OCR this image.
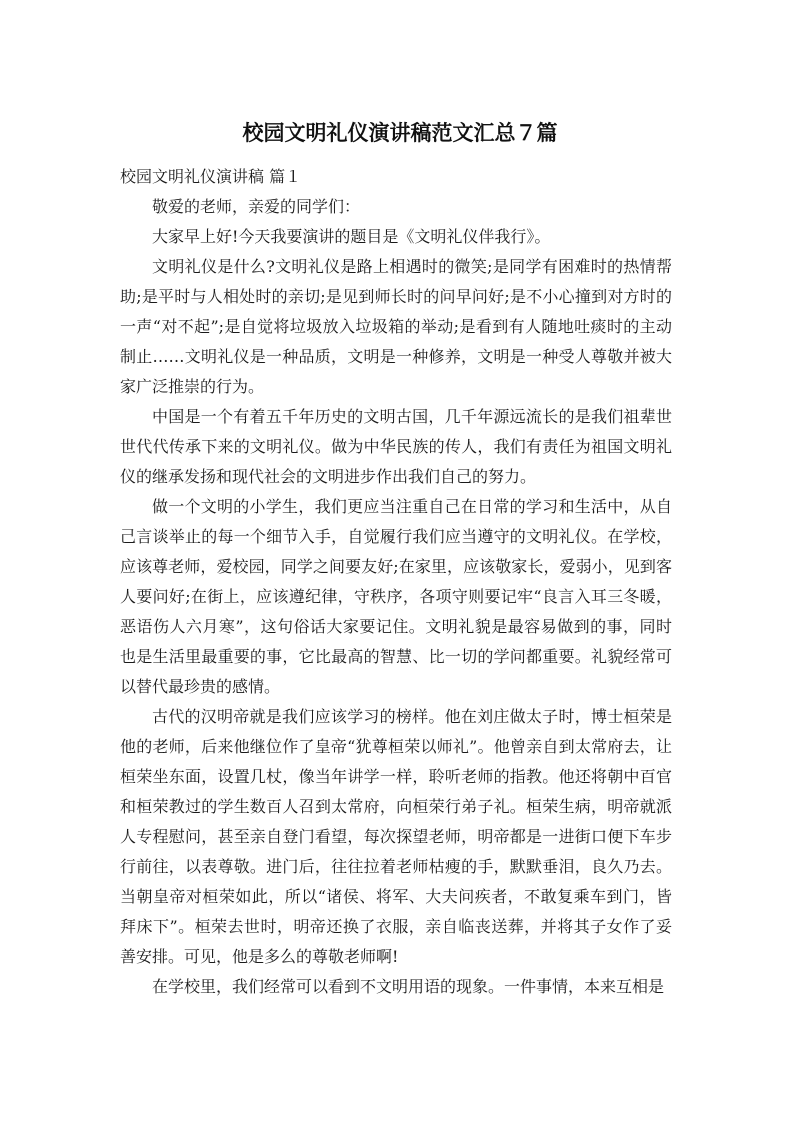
校园文明礼仪演讲稿范文汇总７篇

校园文明礼仪演讲稿 篇１

敬爱的老师，亲爱的同学们：

大家早上好!今天我要演讲的题目是《文明礼仪伴我行》。

文明礼仪是什么?文明礼仪是路上相遇时的微笑;是同学有困难时的热情帮助;是平时与人相处时的亲切;是见到师长时的问早问好;是不小心撞到对方时的一声“对不起”;是自觉将垃圾放入垃圾箱的举动;是看到有人随地吐痰时的主动制止……文明礼仪是一种品质，文明是一种修养，文明是一种受人尊敬并被大家广泛推崇的行为。

中国是一个有着五千年历史的文明古国，几千年源远流长的是我们祖辈世世代代传承下来的文明礼仪。做为中华民族的传人，我们有责任为祖国文明礼仪的继承发扬和现代社会的文明进步作出我们自己的努力。

做一个文明的小学生，我们更应当注重自己在日常的学习和生活中，从自己言谈举止的每一个细节入手，自觉履行我们应当遵守的文明礼仪。在学校，应该尊老师，爱校园，同学之间要友好;在家里，应该敬家长，爱弱小，见到客人要问好;在街上，应该遵纪律，守秩序，各项守则要记牢“良言入耳三冬暖，恶语伤人六月寒”，这句俗话大家要记住。文明礼貌是最容易做到的事，同时也是生活里最重要的事，它比最高的智慧、比一切的学问都重要。礼貌经常可以替代最珍贵的感情。

古代的汉明帝就是我们应该学习的榜样。他在刘庄做太子时，博士桓荣是他的老师，后来他继位作了皇帝“犹尊桓荣以师礼”。他曾亲自到太常府去，让桓荣坐东面，设置几杖，像当年讲学一样，聆听老师的指教。他还将朝中百官和桓荣教过的学生数百人召到太常府，向桓荣行弟子礼。桓荣生病，明帝就派人专程慰问，甚至亲自登门看望，每次探望老师，明帝都是一进街口便下车步行前往，以表尊敬。进门后，往往拉着老师枯瘦的手，默默垂泪，良久乃去。当朝皇帝对桓荣如此，所以“诸侯、将军、大夫问疾者，不敢复乘车到门，皆拜床下”。桓荣去世时，明帝还换了衣服，亲自临丧送葬，并将其子女作了妥善安排。可见，他是多么的尊敬老师啊!

在学校里，我们经常可以看到不文明用语的现象。一件事情，本来互相是
